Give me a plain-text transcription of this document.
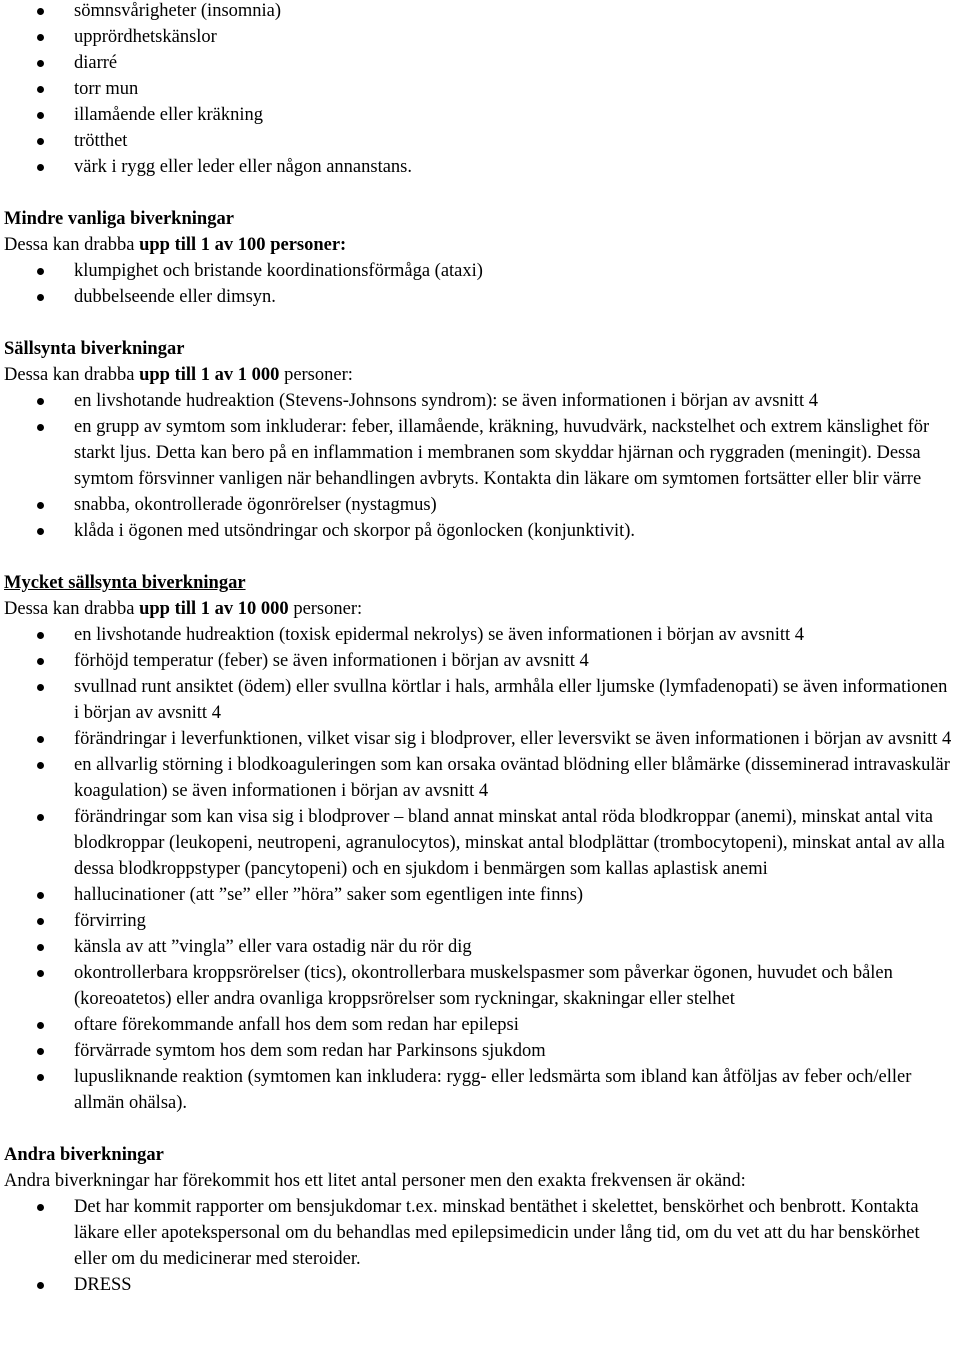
sömnsvårigheter (insomnia)
upprördhetskänslor
diarré
torr mun
illamående eller kräkning
trötthet
värk i rygg eller leder eller någon annanstans.

Mindre vanliga biverkningar

Dessa kan drabba upp till 1 av 100 personer:

klumpighet och bristande koordinationsförmåga (ataxi)
dubbelseende eller dimsyn.

Sällsynta biverkningar

Dessa kan drabba upp till 1 av 1 000 personer:

en livshotande hudreaktion (Stevens-Johnsons syndrom): se även informationen i början av avsnitt 4
en grupp av symtom som inkluderar: feber, illamående, kräkning, huvudvärk, nackstelhet och extrem känslighet för starkt ljus. Detta kan bero på en inflammation i membranen som skyddar hjärnan och ryggraden (meningit). Dessa symtom försvinner vanligen när behandlingen avbryts. Kontakta din läkare om symtomen fortsätter eller blir värre
snabba, okontrollerade ögonrörelser (nystagmus)
klåda i ögonen med utsöndringar och skorpor på ögonlocken (konjunktivit).

Mycket sällsynta biverkningar

Dessa kan drabba upp till 1 av 10 000 personer:

en livshotande hudreaktion (toxisk epidermal nekrolys) se även informationen i början av avsnitt 4
förhöjd temperatur (feber) se även informationen i början av avsnitt 4
svullnad runt ansiktet (ödem) eller svullna körtlar i hals, armhåla eller ljumske (lymfadenopati) se även informationen i början av avsnitt 4
förändringar i leverfunktionen, vilket visar sig i blodprover, eller leversvikt se även informationen i början av avsnitt 4
en allvarlig störning i blodkoaguleringen som kan orsaka oväntad blödning eller blåmärke (disseminerad intravaskulär koagulation) se även informationen i början av avsnitt 4
förändringar som kan visa sig i blodprover – bland annat minskat antal röda blodkroppar (anemi), minskat antal vita blodkroppar (leukopeni, neutropeni, agranulocytos), minskat antal blodplättar (trombocytopeni), minskat antal av alla dessa blodkroppstyper (pancytopeni) och en sjukdom i benmärgen som kallas aplastisk anemi
hallucinationer (att ”se” eller ”höra” saker som egentligen inte finns)
förvirring
känsla av att ”vingla” eller vara ostadig när du rör dig
okontrollerbara kroppsrörelser (tics), okontrollerbara muskelspasmer som påverkar ögonen, huvudet och bålen (koreoatetos) eller andra ovanliga kroppsrörelser som ryckningar, skakningar eller stelhet
oftare förekommande anfall hos dem som redan har epilepsi
förvärrade symtom hos dem som redan har Parkinsons sjukdom
lupusliknande reaktion (symtomen kan inkludera: rygg- eller ledsmärta som ibland kan åtföljas av feber och/eller allmän ohälsa).

Andra biverkningar

Andra biverkningar har förekommit hos ett litet antal personer men den exakta frekvensen är okänd:

Det har kommit rapporter om bensjukdomar t.ex. minskad bentäthet i skelettet, benskörhet och benbrott. Kontakta läkare eller apotekspersonal om du behandlas med epilepsimedicin under lång tid, om du vet att du har benskörhet eller om du medicinerar med steroider.
DRESS
